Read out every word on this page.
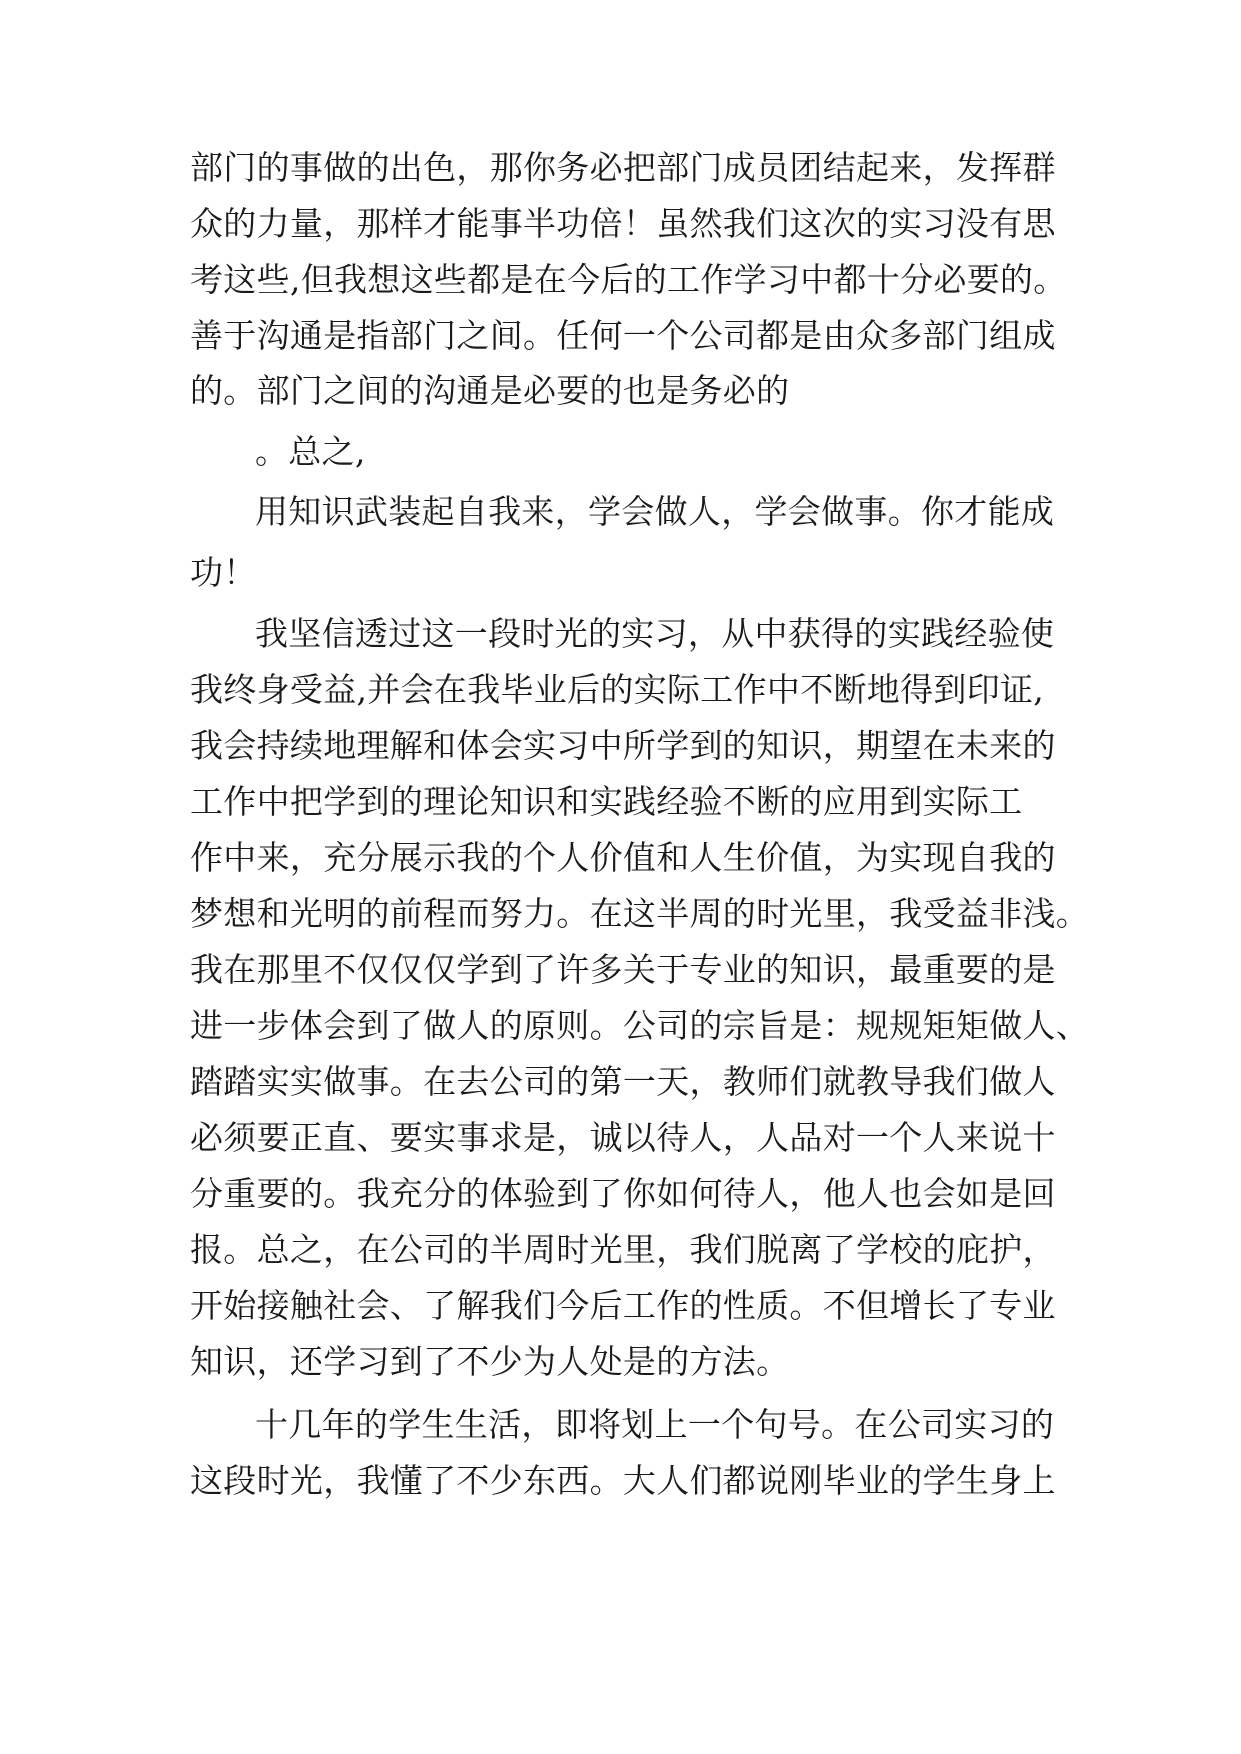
部门的事做的出色，那你务必把部门成员团结起来，发挥群
众的力量，那样才能事半功倍！虽然我们这次的实习没有思
考这些,但我想这些都是在今后的工作学习中都十分必要的。
善于沟通是指部门之间。任何一个公司都是由众多部门组成
的。部门之间的沟通是必要的也是务必的
。总之,
用知识武装起自我来，学会做人，学会做事。你才能成
功！
我坚信透过这一段时光的实习，从中获得的实践经验使
我终身受益,并会在我毕业后的实际工作中不断地得到印证,
我会持续地理解和体会实习中所学到的知识，期望在未来的
工作中把学到的理论知识和实践经验不断的应用到实际工
作中来，充分展示我的个人价值和人生价值，为实现自我的
梦想和光明的前程而努力。在这半周的时光里，我受益非浅。
我在那里不仅仅仅学到了许多关于专业的知识，最重要的是
进一步体会到了做人的原则。公司的宗旨是：规规矩矩做人、
踏踏实实做事。在去公司的第一天，教师们就教导我们做人
必须要正直、要实事求是，诚以待人，人品对一个人来说十
分重要的。我充分的体验到了你如何待人，他人也会如是回
报。总之，在公司的半周时光里，我们脱离了学校的庇护，
开始接触社会、了解我们今后工作的性质。不但增长了专业
知识，还学习到了不少为人处是的方法。
十几年的学生生活，即将划上一个句号。在公司实习的
这段时光，我懂了不少东西。大人们都说刚毕业的学生身上
